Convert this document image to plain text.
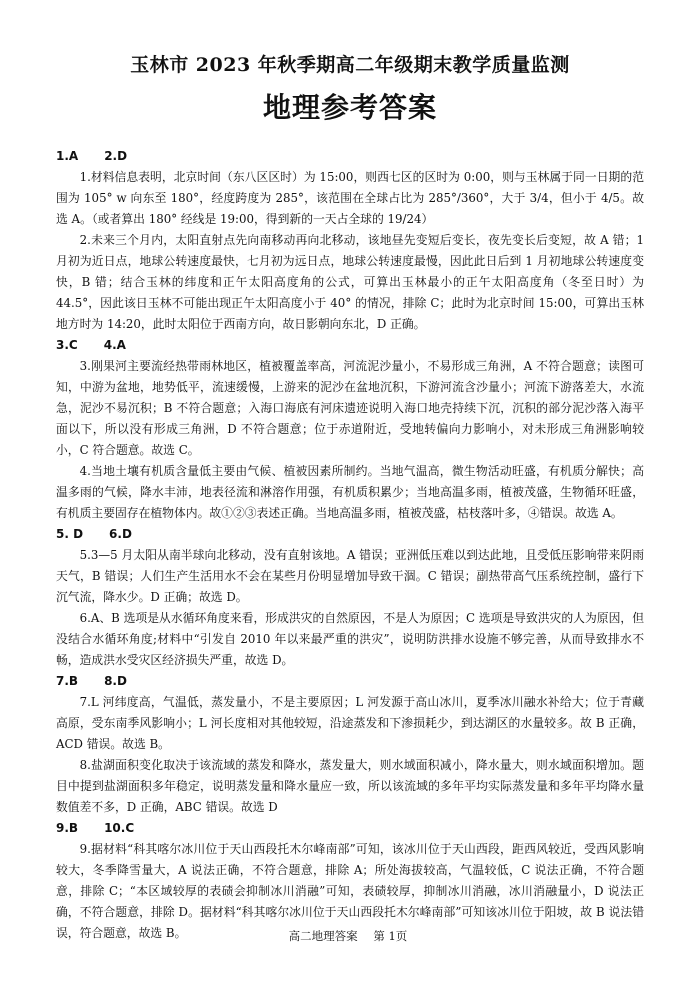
玉林市 2023 年秋季期高二年级期末教学质量监测
地理参考答案

1.A 2.D

1.材料信息表明，北京时间（东八区区时）为 15:00，则西七区的区时为 0:00，则与玉林属于同一日期的范围为 105° w 向东至 180°，经度跨度为 285°，该范围在全球占比为 285°/360°，大于 3/4，但小于 4/5。故选 A。（或者算出 180° 经线是 19:00，得到新的一天占全球的 19/24）

2.未来三个月内，太阳直射点先向南移动再向北移动，该地昼先变短后变长，夜先变长后变短，故 A 错；1 月初为近日点，地球公转速度最快，七月初为远日点，地球公转速度最慢，因此此日后到 1 月初地球公转速度变快，B 错；结合玉林的纬度和正午太阳高度角的公式，可算出玉林最小的正午太阳高度角（冬至日时）为 44.5°，因此该日玉林不可能出现正午太阳高度小于 40° 的情况，排除 C；此时为北京时间 15:00，可算出玉林地方时为 14:20，此时太阳位于西南方向，故日影朝向东北，D 正确。

3.C 4.A

3.刚果河主要流经热带雨林地区，植被覆盖率高，河流泥沙量小，不易形成三角洲，A 不符合题意；读图可知，中游为盆地，地势低平，流速缓慢，上游来的泥沙在盆地沉积，下游河流含沙量小；河流下游落差大，水流急，泥沙不易沉积；B 不符合题意；入海口海底有河床遗迹说明入海口地壳持续下沉，沉积的部分泥沙落入海平面以下，所以没有形成三角洲，D 不符合题意；位于赤道附近，受地转偏向力影响小，对未形成三角洲影响较小，C 符合题意。故选 C。

4.当地土壤有机质含量低主要由气候、植被因素所制约。当地气温高，微生物活动旺盛，有机质分解快；高温多雨的气候，降水丰沛，地表径流和淋溶作用强，有机质积累少；当地高温多雨，植被茂盛，生物循环旺盛，有机质主要固存在植物体内。故①②③表述正确。当地高温多雨，植被茂盛，枯枝落叶多，④错误。故选 A。

5. D 6.D

5.3—5 月太阳从南半球向北移动，没有直射该地。A 错误；亚洲低压难以到达此地，且受低压影响带来阴雨天气，B 错误；人们生产生活用水不会在某些月份明显增加导致干涸。C 错误；副热带高气压系统控制，盛行下沉气流，降水少。D 正确；故选 D。

6.A、B 选项是从水循环角度来看，形成洪灾的自然原因，不是人为原因；C 选项是导致洪灾的人为原因，但没结合水循环角度;材料中“引发自 2010 年以来最严重的洪灾”，说明防洪排水设施不够完善，从而导致排水不畅，造成洪水受灾区经济损失严重，故选 D。

7.B 8.D

7.L 河纬度高，气温低，蒸发量小，不是主要原因；L 河发源于高山冰川，夏季冰川融水补给大；位于青藏高原，受东南季风影响小；L 河长度相对其他较短，沿途蒸发和下渗损耗少，到达湖区的水量较多。故 B 正确，ACD 错误。故选 B。

8.盐湖面积变化取决于该流域的蒸发和降水，蒸发量大，则水域面积减小，降水量大，则水域面积增加。题目中提到盐湖面积多年稳定，说明蒸发量和降水量应一致，所以该流域的多年平均实际蒸发量和多年平均降水量数值差不多，D 正确，ABC 错误。故选 D

9.B 10.C

9.据材料“科其喀尔冰川位于天山西段托木尔峰南部”可知，该冰川位于天山西段，距西风较近，受西风影响较大，冬季降雪量大，A 说法正确，不符合题意，排除 A；所处海拔较高，气温较低，C 说法正确，不符合题意，排除 C；“本区域较厚的表碛会抑制冰川消融”可知，表碛较厚，抑制冰川消融，冰川消融量小，D 说法正确，不符合题意，排除 D。据材料“科其喀尔冰川位于天山西段托木尔峰南部”可知该冰川位于阳坡，故 B 说法错误，符合题意，故选 B。	高二地理答案 第 1页
